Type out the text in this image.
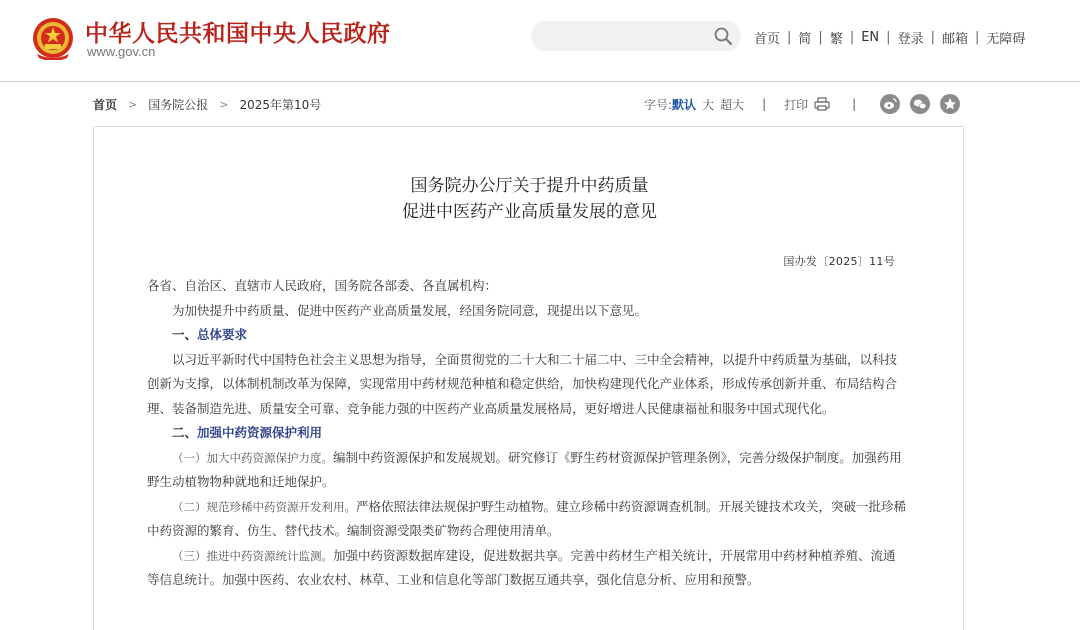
中华人民共和国中央人民政府
www.gov.cn
首页 | 简 | 繁 | EN | 登录 | 邮箱 | 无障碍
首页 > 国务院公报 > 2025年第10号	字号: 默认 大 超大 | 打印	|
国务院办公厅关于提升中药质量
促进中医药产业高质量发展的意见
国办发〔2025〕11号

各省、自治区、直辖市人民政府，国务院各部委、各直属机构：

为加快提升中药质量、促进中医药产业高质量发展，经国务院同意，现提出以下意见。

一、总体要求

以习近平新时代中国特色社会主义思想为指导，全面贯彻党的二十大和二十届二中、三中全会精神，以提升中药质量为基础，以科技创新为支撑，以体制机制改革为保障，实现常用中药材规范种植和稳定供给，加快构建现代化产业体系，形成传承创新并重、布局结构合理、装备制造先进、质量安全可靠、竞争能力强的中医药产业高质量发展格局，更好增进人民健康福祉和服务中国式现代化。

二、加强中药资源保护利用

（一）加大中药资源保护力度。编制中药资源保护和发展规划。研究修订《野生药材资源保护管理条例》，完善分级保护制度。加强药用野生动植物物种就地和迁地保护。

（二）规范珍稀中药资源开发利用。严格依照法律法规保护野生动植物。建立珍稀中药资源调查机制。开展关键技术攻关，突破一批珍稀中药资源的繁育、仿生、替代技术。编制资源受限类矿物药合理使用清单。

（三）推进中药资源统计监测。加强中药资源数据库建设，促进数据共享。完善中药材生产相关统计，开展常用中药材种植养殖、流通等信息统计。加强中医药、农业农村、林草、工业和信息化等部门数据互通共享，强化信息分析、应用和预警。
